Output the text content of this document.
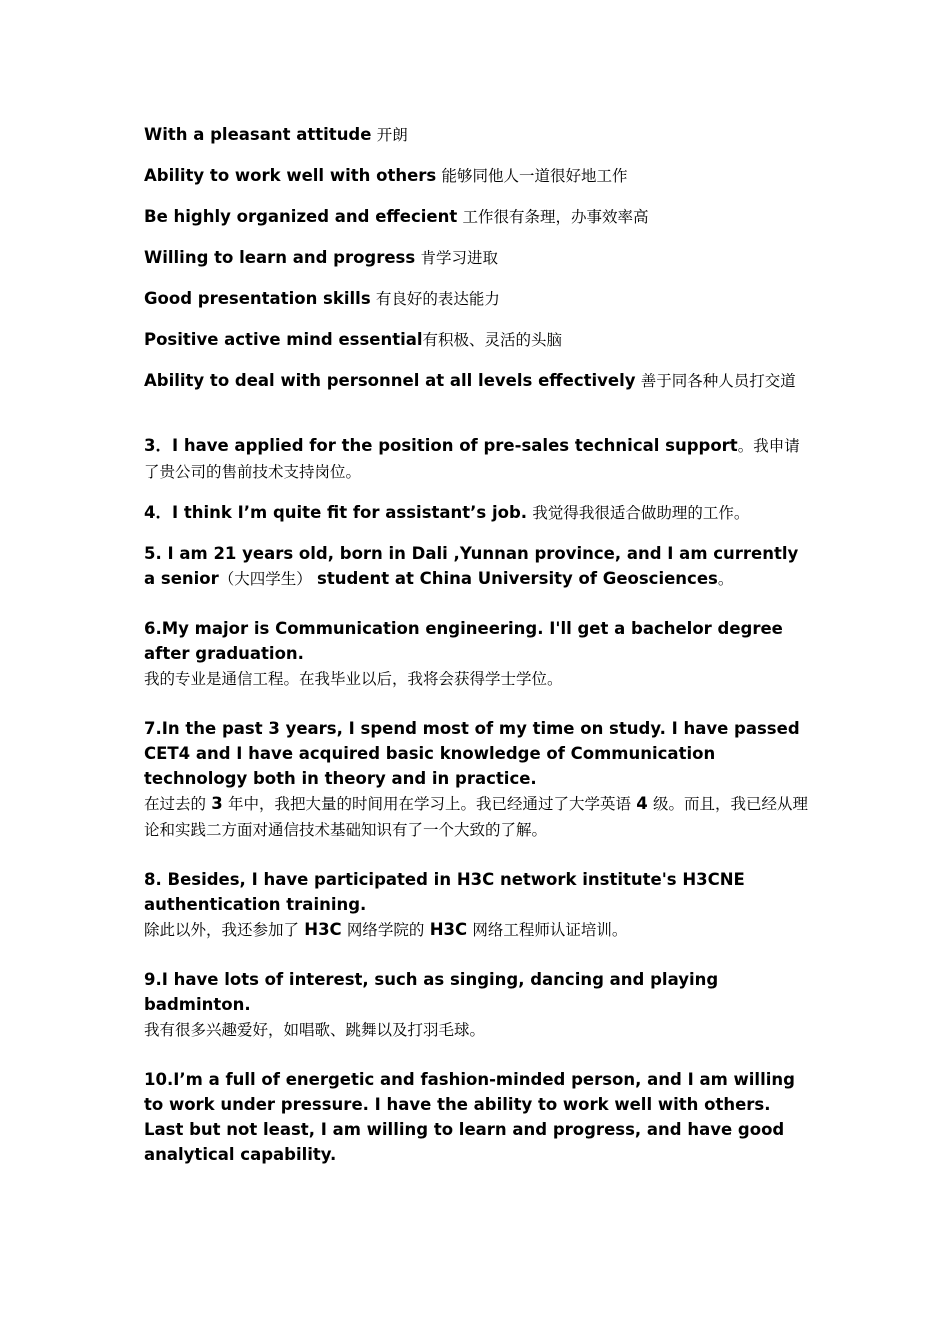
With a pleasant attitude 开朗

Ability to work well with others 能够同他人一道很好地工作

Be highly organized and effecient 工作很有条理，办事效率高

Willing to learn and progress 肯学习进取

Good presentation skills 有良好的表达能力

Positive active mind essential有积极、灵活的头脑

Ability to deal with personnel at all levels effectively 善于同各种人员打交道

3．I have applied for the position of pre-sales technical support。我申请了贵公司的售前技术支持岗位。

4．I think I’m quite fit for assistant’s job. 我觉得我很适合做助理的工作。

5. I am 21 years old, born in Dali ,Yunnan province, and I am currently a senior（大四学生） student at China University of Geosciences。

6.My major is Communication engineering. I'll get a bachelor degree after graduation.
我的专业是通信工程。在我毕业以后，我将会获得学士学位。

7.In the past 3 years, I spend most of my time on study. I have passed CET4 and I have acquired basic knowledge of Communication technology both in theory and in practice.
在过去的 3 年中，我把大量的时间用在学习上。我已经通过了大学英语 4 级。而且，我已经从理论和实践二方面对通信技术基础知识有了一个大致的了解。

8. Besides, I have participated in H3C network institute's H3CNE authentication training.
除此以外，我还参加了 H3C 网络学院的 H3C 网络工程师认证培训。

9.I have lots of interest, such as singing, dancing and playing badminton.
我有很多兴趣爱好，如唱歌、跳舞以及打羽毛球。

10.I’m a full of energetic and fashion-minded person, and I am willing to work under pressure. I have the ability to work well with others. Last but not least, I am willing to learn and progress, and have good analytical capability.
